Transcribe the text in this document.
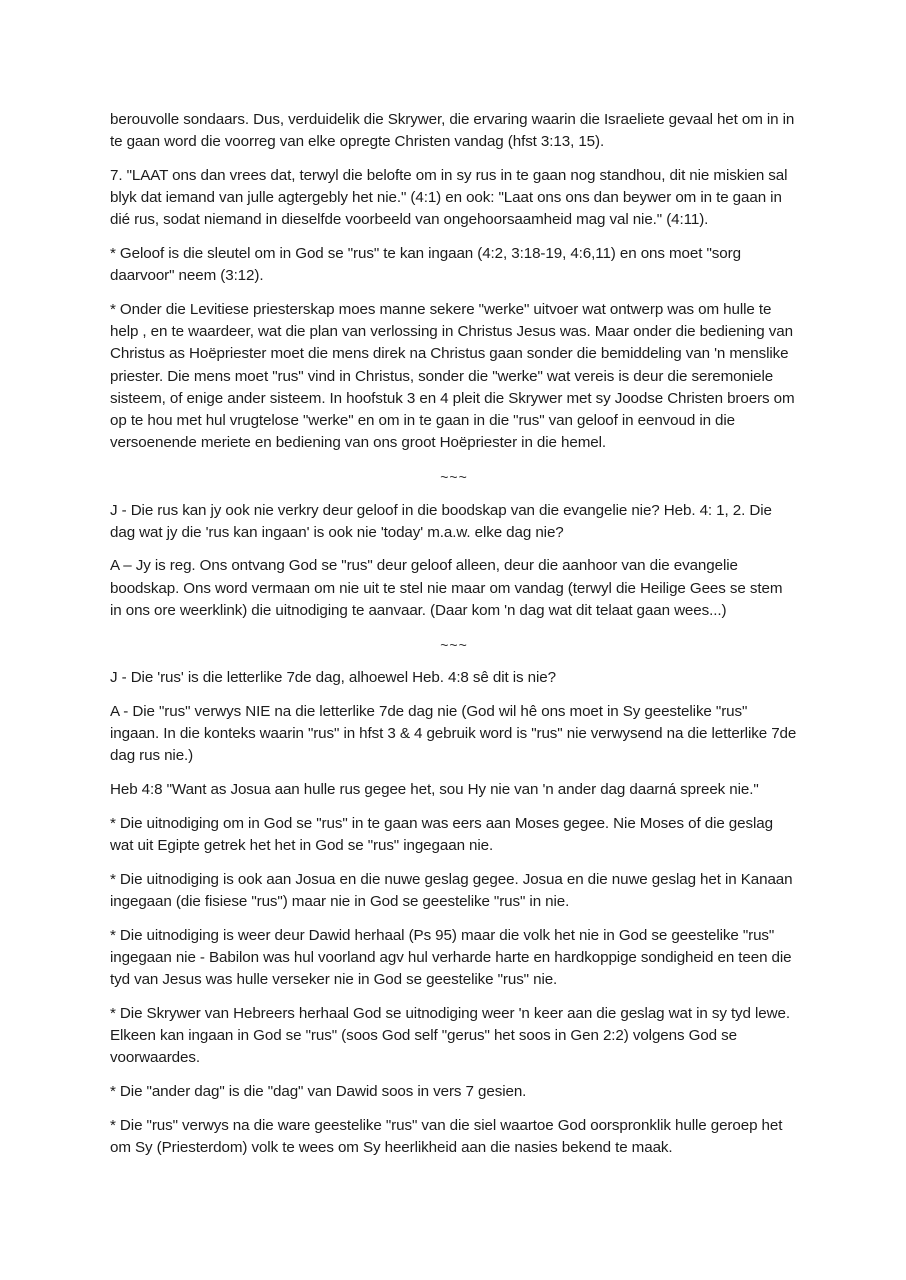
berouvolle sondaars. Dus, verduidelik die Skrywer, die ervaring waarin die Israeliete gevaal het om in in te gaan word die voorreg van elke opregte Christen vandag (hfst 3:13, 15).

7. "LAAT ons dan vrees dat, terwyl die belofte om in sy rus in te gaan nog standhou, dit nie miskien sal blyk dat iemand van julle agtergebly het nie." (4:1) en ook: "Laat ons ons dan beywer om in te gaan in dié rus, sodat niemand in dieselfde voorbeeld van ongehoorsaamheid mag val nie." (4:11).

* Geloof is die sleutel om in God se "rus" te kan ingaan (4:2, 3:18-19, 4:6,11) en ons moet "sorg daarvoor" neem (3:12).

* Onder die Levitiese priesterskap moes manne sekere "werke" uitvoer wat ontwerp was om hulle te help , en te waardeer, wat die plan van verlossing in Christus Jesus was. Maar onder die bediening van Christus as Hoëpriester moet die mens direk na Christus gaan sonder die bemiddeling van 'n menslike priester. Die mens moet "rus" vind in Christus, sonder die "werke" wat vereis is deur die seremoniele sisteem, of enige ander sisteem. In hoofstuk 3 en 4 pleit die Skrywer met sy Joodse Christen broers om op te hou met hul vrugtelose "werke" en om in te gaan in die "rus" van geloof in eenvoud in die versoenende meriete en bediening van ons groot Hoëpriester in die hemel.

~~~

J - Die rus kan jy ook nie verkry deur geloof in die boodskap van die evangelie nie? Heb. 4: 1, 2. Die dag wat jy die 'rus kan ingaan' is ook nie 'today' m.a.w. elke dag nie?

A – Jy is reg. Ons ontvang God se "rus" deur geloof alleen, deur die aanhoor van die evangelie boodskap. Ons word vermaan om nie uit te stel nie maar om vandag (terwyl die Heilige Gees se stem in ons ore weerklink) die uitnodiging te aanvaar. (Daar kom 'n dag wat dit telaat gaan wees...)

~~~

J - Die 'rus' is die letterlike 7de dag, alhoewel Heb. 4:8 sê dit is nie?

A - Die "rus" verwys NIE na die letterlike 7de dag nie (God wil hê ons moet in Sy geestelike "rus" ingaan. In die konteks waarin "rus" in hfst 3 & 4 gebruik word is "rus" nie verwysend na die letterlike 7de dag rus nie.)

Heb 4:8 "Want as Josua aan hulle rus gegee het, sou Hy nie van 'n ander dag daarná spreek nie."

* Die uitnodiging om in God se "rus" in te gaan was eers aan Moses gegee. Nie Moses of die geslag wat uit Egipte getrek het het in God se "rus" ingegaan nie.

* Die uitnodiging is ook aan Josua en die nuwe geslag gegee. Josua en die nuwe geslag het in Kanaan ingegaan (die fisiese "rus") maar nie in God se geestelike "rus" in nie.

* Die uitnodiging is weer deur Dawid herhaal (Ps 95) maar die volk het nie in God se geestelike "rus" ingegaan nie - Babilon was hul voorland agv hul verharde harte en hardkoppige sondigheid en teen die tyd van Jesus was hulle verseker nie in God se geestelike "rus" nie.

* Die Skrywer van Hebreers herhaal God se uitnodiging weer 'n keer aan die geslag wat in sy tyd lewe. Elkeen kan ingaan in God se "rus" (soos God self "gerus" het soos in Gen 2:2) volgens God se voorwaardes.

* Die "ander dag" is die "dag" van Dawid soos in vers 7 gesien.

* Die "rus" verwys na die ware geestelike "rus" van die siel waartoe God oorspronklik hulle geroep het om Sy (Priesterdom) volk te wees om Sy heerlikheid aan die nasies bekend te maak.
